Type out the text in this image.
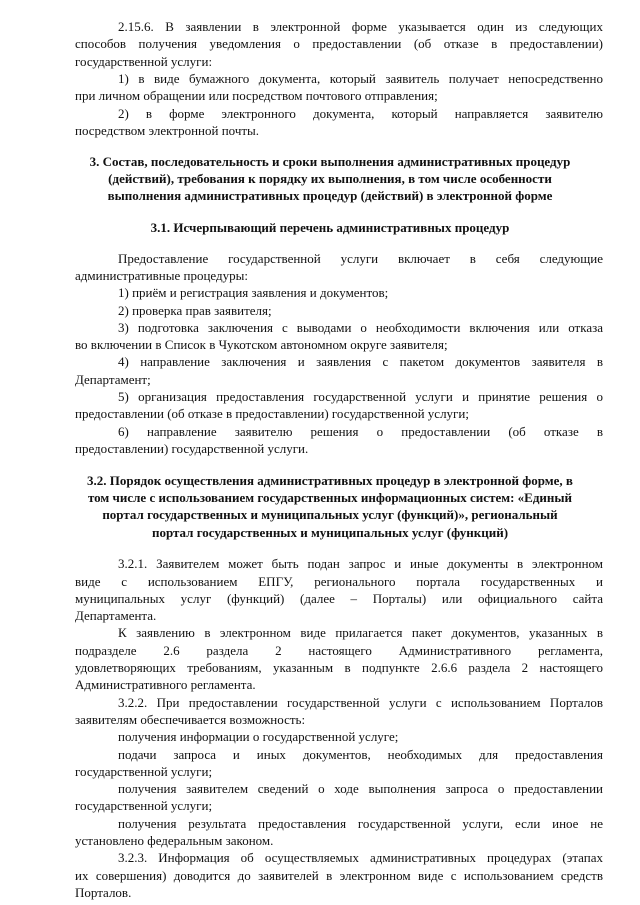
2.15.6. В заявлении в электронной форме указывается один из следующих
способов получения уведомления о предоставлении (об отказе в предоставлении)
государственной услуги:
1) в виде бумажного документа, который заявитель получает непосредственно
при личном обращении или посредством почтового отправления;
2) в форме электронного документа, который направляется заявителю
посредством электронной почты.
3. Состав, последовательность и сроки выполнения административных процедур
(действий), требования к порядку их выполнения, в том числе особенности
выполнения административных процедур (действий) в электронной форме
3.1. Исчерпывающий перечень административных процедур
Предоставление государственной услуги включает в себя следующие
административные процедуры:
1) приём и регистрация заявления и документов;
2) проверка прав заявителя;
3) подготовка заключения с выводами о необходимости включения или отказа
во включении в Список в Чукотском автономном округе заявителя;
4) направление заключения и заявления с пакетом документов заявителя в
Департамент;
5) организация предоставления государственной услуги и принятие решения о
предоставлении (об отказе в предоставлении) государственной услуги;
6) направление заявителю решения о предоставлении (об отказе в
предоставлении) государственной услуги.
3.2. Порядок осуществления административных процедур в электронной форме, в
том числе с использованием государственных информационных систем: «Единый
портал государственных и муниципальных услуг (функций)», региональный
портал государственных и муниципальных услуг (функций)
3.2.1. Заявителем может быть подан запрос и иные документы в электронном
виде с использованием ЕПГУ, регионального портала государственных и
муниципальных услуг (функций) (далее – Порталы) или официального сайта
Департамента.
К заявлению в электронном виде прилагается пакет документов, указанных в
подразделе 2.6 раздела 2 настоящего Административного регламента,
удовлетворяющих требованиям, указанным в подпункте 2.6.6 раздела 2 настоящего
Административного регламента.
3.2.2. При предоставлении государственной услуги с использованием Порталов
заявителям обеспечивается возможность:
получения информации о государственной услуге;
подачи запроса и иных документов, необходимых для предоставления
государственной услуги;
получения заявителем сведений о ходе выполнения запроса о предоставлении
государственной услуги;
получения результата предоставления государственной услуги, если иное не
установлено федеральным законом.
3.2.3. Информация об осуществляемых административных процедурах (этапах
их совершения) доводится до заявителей в электронном виде с использованием средств
Порталов.
